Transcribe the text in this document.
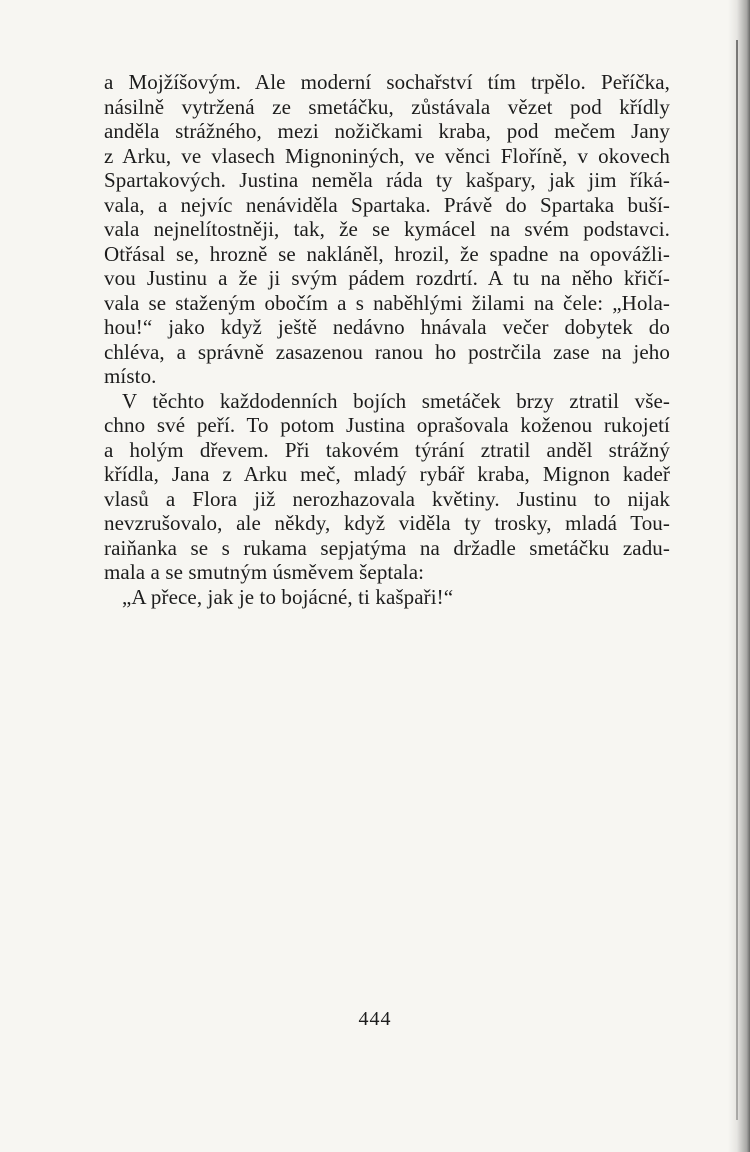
a Mojžíšovým. Ale moderní sochařství tím trpělo. Peříčka,
násilně vytržená ze smetáčku, zůstávala vězet pod křídly
anděla strážného, mezi nožičkami kraba, pod mečem Jany
z Arku, ve vlasech Mignoniných, ve věnci Floříně, v okovech
Spartakových. Justina neměla ráda ty kašpary, jak jim říká-
vala, a nejvíc nenáviděla Spartaka. Právě do Spartaka buší-
vala nejnelítostněji, tak, že se kymácel na svém podstavci.
Otřásal se, hrozně se nakláněl, hrozil, že spadne na opovážli-
vou Justinu a že ji svým pádem rozdrtí. A tu na něho křičí-
vala se staženým obočím a s naběhlými žilami na čele: „Hola-
hou!“ jako když ještě nedávno hnávala večer dobytek do
chléva, a správně zasazenou ranou ho postrčila zase na jeho
místo.
V těchto každodenních bojích smetáček brzy ztratil vše-
chno své peří. To potom Justina oprašovala koženou rukojetí
a holým dřevem. Při takovém týrání ztratil anděl strážný
křídla, Jana z Arku meč, mladý rybář kraba, Mignon kadeř
vlasů a Flora již nerozhazovala květiny. Justinu to nijak
nevzrušovalo, ale někdy, když viděla ty trosky, mladá Tou-
raiňanka se s rukama sepjatýma na držadle smetáčku zadu-
mala a se smutným úsměvem šeptala:
„A přece, jak je to bojácné, ti kašpaři!“
444
